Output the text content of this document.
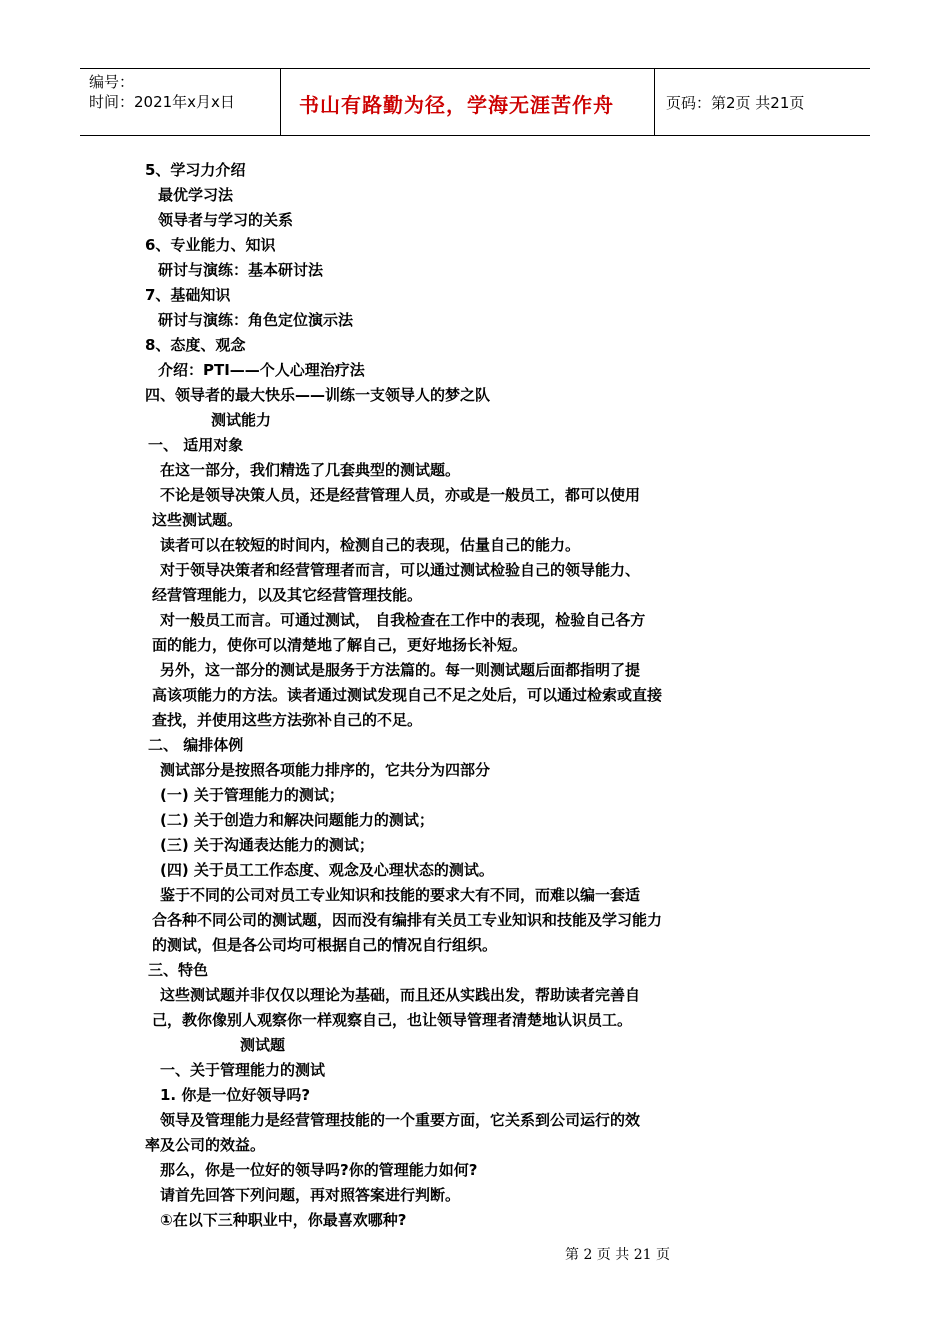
编号：
时间：2021年x月x日	书山有路勤为径，学海无涯苦作舟	页码：第2页 共21页
5、学习力介绍
最优学习法
领导者与学习的关系
6、专业能力、知识
研讨与演练：基本研讨法
7、基础知识
研讨与演练：角色定位演示法
8、态度、观念
介绍：PTI——个人心理治疗法
四、领导者的最大快乐——训练一支领导人的梦之队
测试能力
一、 适用对象
在这一部分，我们精选了几套典型的测试题。
不论是领导决策人员，还是经营管理人员，亦或是一般员工，都可以使用
这些测试题。
读者可以在较短的时间内，检测自己的表现，估量自己的能力。
对于领导决策者和经营管理者而言，可以通过测试检验自己的领导能力、
经营管理能力，以及其它经营管理技能。
对一般员工而言。可通过测试， 自我检查在工作中的表现，检验自己各方
面的能力，使你可以清楚地了解自己，更好地扬长补短。
另外，这一部分的测试是服务于方法篇的。每一则测试题后面都指明了提
高该项能力的方法。读者通过测试发现自己不足之处后，可以通过检索或直接
查找，并使用这些方法弥补自己的不足。
二、 编排体例
测试部分是按照各项能力排序的，它共分为四部分
(一) 关于管理能力的测试；
(二) 关于创造力和解决问题能力的测试；
(三) 关于沟通表达能力的测试；
(四) 关于员工工作态度、观念及心理状态的测试。
鉴于不同的公司对员工专业知识和技能的要求大有不同，而难以编一套适
合各种不同公司的测试题，因而没有编排有关员工专业知识和技能及学习能力
的测试，但是各公司均可根据自己的情况自行组织。
三、特色
这些测试题并非仅仅以理论为基础，而且还从实践出发，帮助读者完善自
己，教你像别人观察你一样观察自己，也让领导管理者清楚地认识员工。
测试题
一、关于管理能力的测试
1. 你是一位好领导吗?
领导及管理能力是经营管理技能的一个重要方面，它关系到公司运行的效
率及公司的效益。
那么，你是一位好的领导吗?你的管理能力如何?
请首先回答下列问题，再对照答案进行判断。
①在以下三种职业中，你最喜欢哪种?
第 2 页 共 21 页
